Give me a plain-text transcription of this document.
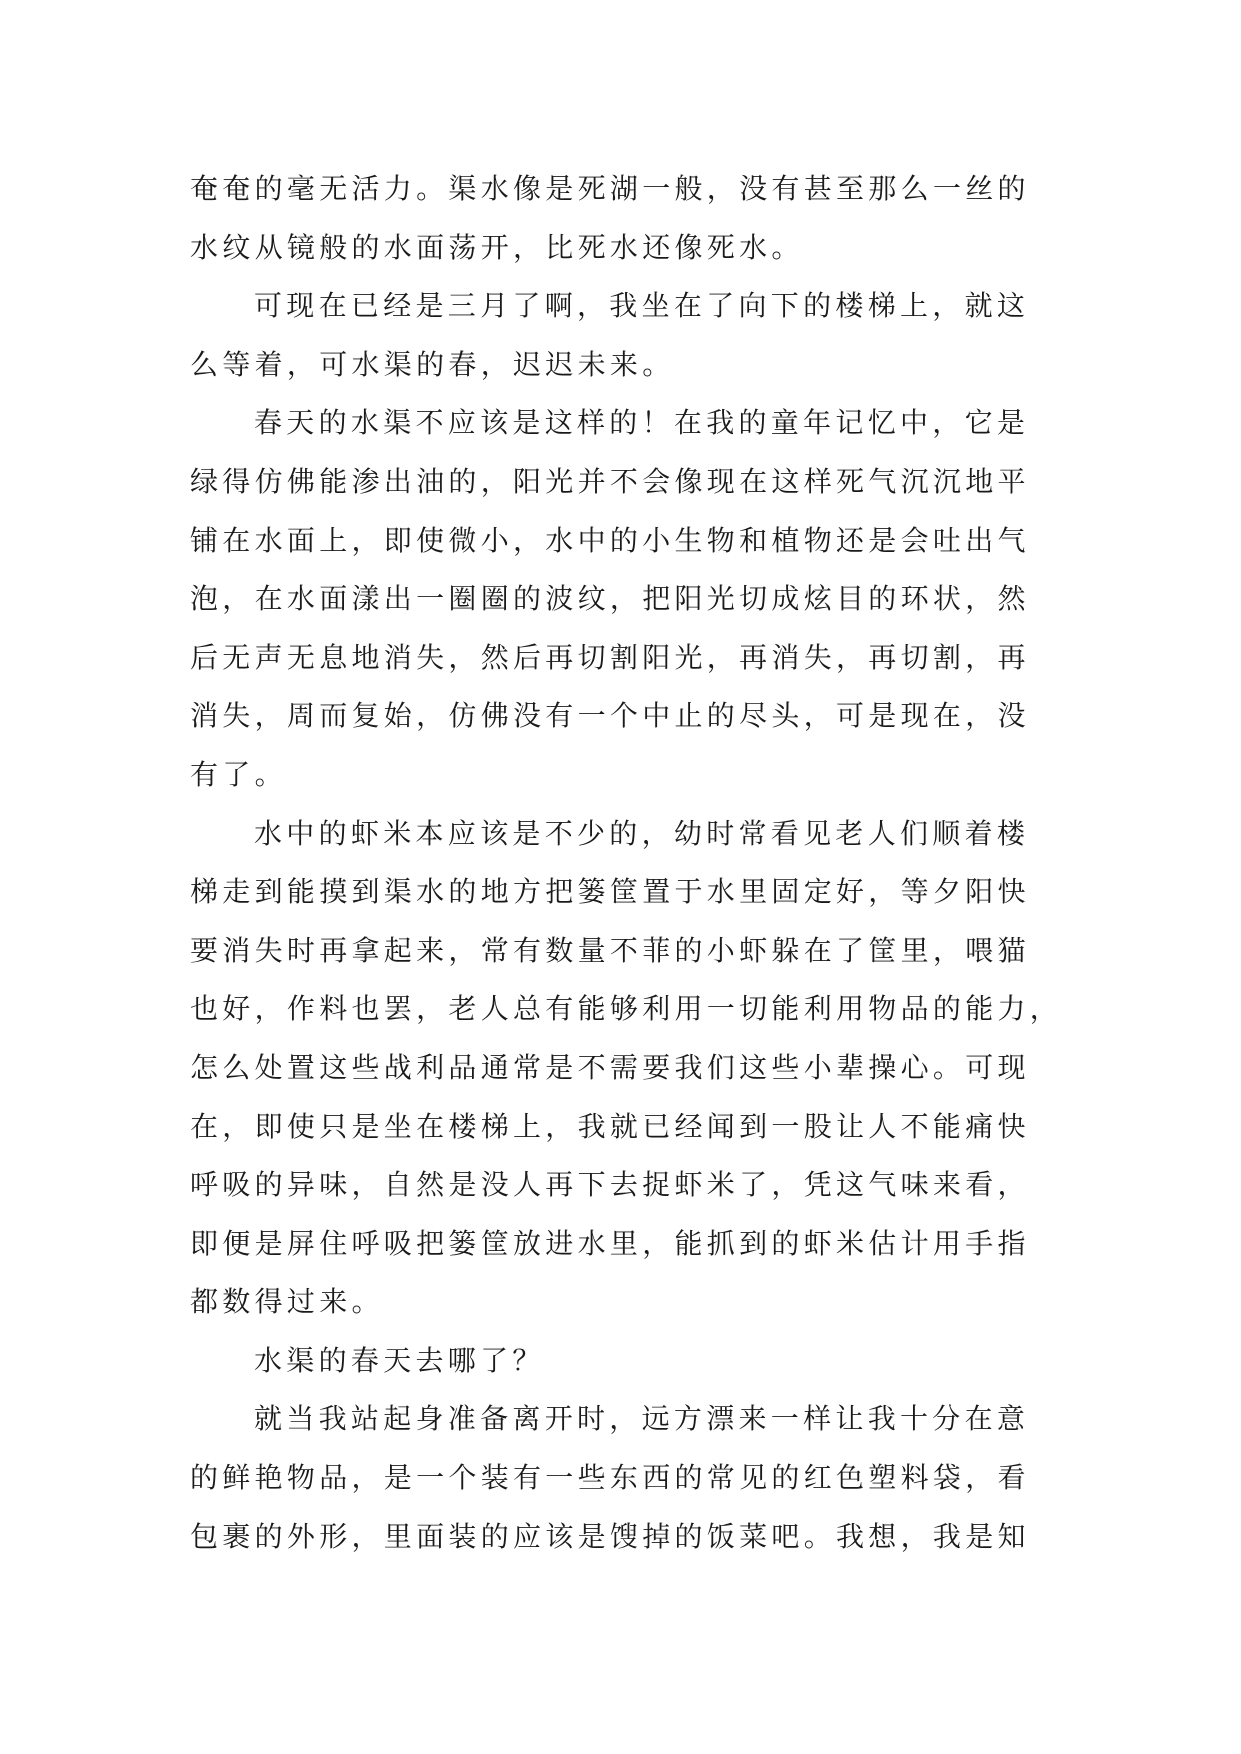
奄奄的毫无活力。渠水像是死湖一般，没有甚至那么一丝的
水纹从镜般的水面荡开，比死水还像死水。
可现在已经是三月了啊，我坐在了向下的楼梯上，就这
么等着，可水渠的春，迟迟未来。
春天的水渠不应该是这样的！在我的童年记忆中，它是
绿得仿佛能渗出油的，阳光并不会像现在这样死气沉沉地平
铺在水面上，即使微小，水中的小生物和植物还是会吐出气
泡，在水面漾出一圈圈的波纹，把阳光切成炫目的环状，然
后无声无息地消失，然后再切割阳光，再消失，再切割，再
消失，周而复始，仿佛没有一个中止的尽头，可是现在，没
有了。
水中的虾米本应该是不少的，幼时常看见老人们顺着楼
梯走到能摸到渠水的地方把篓筐置于水里固定好，等夕阳快
要消失时再拿起来，常有数量不菲的小虾躲在了筐里，喂猫
也好，作料也罢，老人总有能够利用一切能利用物品的能力，
怎么处置这些战利品通常是不需要我们这些小辈操心。可现
在，即使只是坐在楼梯上，我就已经闻到一股让人不能痛快
呼吸的异味，自然是没人再下去捉虾米了，凭这气味来看，
即便是屏住呼吸把篓筐放进水里，能抓到的虾米估计用手指
都数得过来。
水渠的春天去哪了？
就当我站起身准备离开时，远方漂来一样让我十分在意
的鲜艳物品，是一个装有一些东西的常见的红色塑料袋，看
包裹的外形，里面装的应该是馊掉的饭菜吧。我想，我是知
